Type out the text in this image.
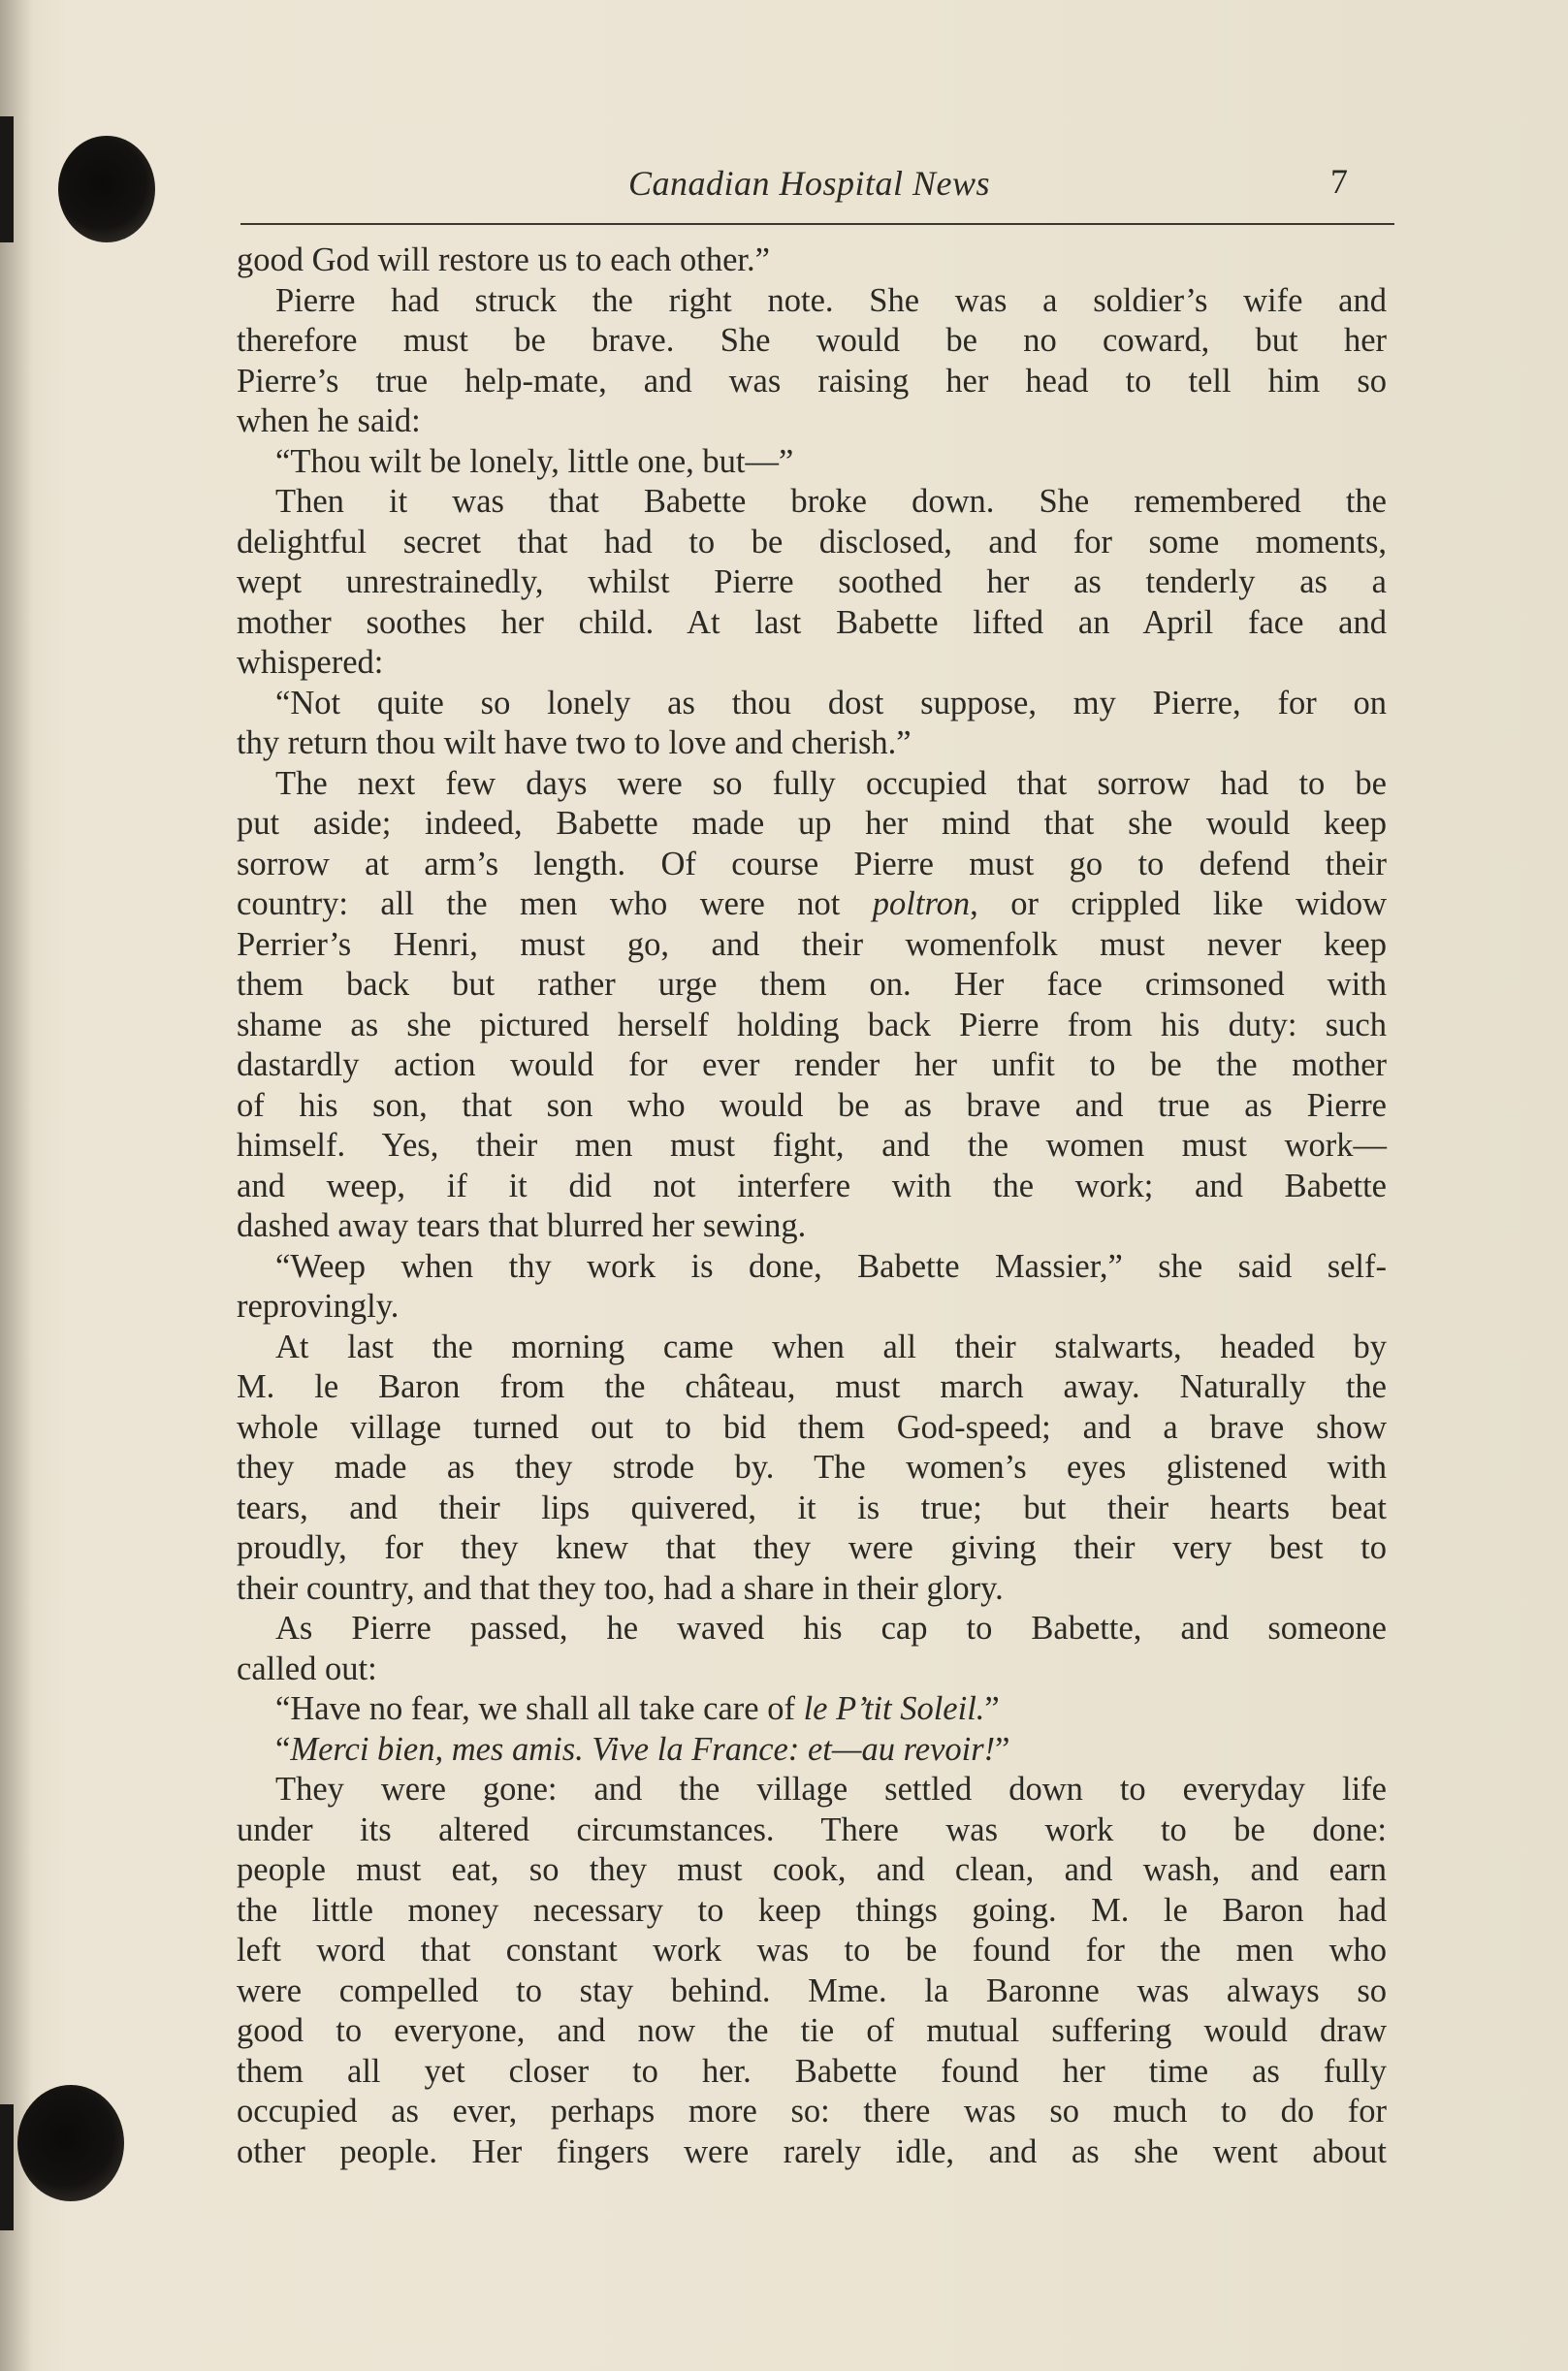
Canadian Hospital News	7
good God will restore us to each other.”
Pierre had struck the right note. She was a soldier’s wife and
therefore must be brave. She would be no coward, but her
Pierre’s true help-mate, and was raising her head to tell him so
when he said:
“Thou wilt be lonely, little one, but—”
Then it was that Babette broke down. She remembered the
delightful secret that had to be disclosed, and for some moments,
wept unrestrainedly, whilst Pierre soothed her as tenderly as a
mother soothes her child. At last Babette lifted an April face and
whispered:
“Not quite so lonely as thou dost suppose, my Pierre, for on
thy return thou wilt have two to love and cherish.”
The next few days were so fully occupied that sorrow had to be
put aside; indeed, Babette made up her mind that she would keep
sorrow at arm’s length. Of course Pierre must go to defend their
country: all the men who were not poltron, or crippled like widow
Perrier’s Henri, must go, and their womenfolk must never keep
them back but rather urge them on. Her face crimsoned with
shame as she pictured herself holding back Pierre from his duty: such
dastardly action would for ever render her unfit to be the mother
of his son, that son who would be as brave and true as Pierre
himself. Yes, their men must fight, and the women must work—
and weep, if it did not interfere with the work; and Babette
dashed away tears that blurred her sewing.
“Weep when thy work is done, Babette Massier,” she said self-
reprovingly.
At last the morning came when all their stalwarts, headed by
M. le Baron from the château, must march away. Naturally the
whole village turned out to bid them God-speed; and a brave show
they made as they strode by. The women’s eyes glistened with
tears, and their lips quivered, it is true; but their hearts beat
proudly, for they knew that they were giving their very best to
their country, and that they too, had a share in their glory.
As Pierre passed, he waved his cap to Babette, and someone
called out:
“Have no fear, we shall all take care of le P’tit Soleil.”
“Merci bien, mes amis. Vive la France: et—au revoir!”
They were gone: and the village settled down to everyday life
under its altered circumstances. There was work to be done:
people must eat, so they must cook, and clean, and wash, and earn
the little money necessary to keep things going. M. le Baron had
left word that constant work was to be found for the men who
were compelled to stay behind. Mme. la Baronne was always so
good to everyone, and now the tie of mutual suffering would draw
them all yet closer to her. Babette found her time as fully
occupied as ever, perhaps more so: there was so much to do for
other people. Her fingers were rarely idle, and as she went about
